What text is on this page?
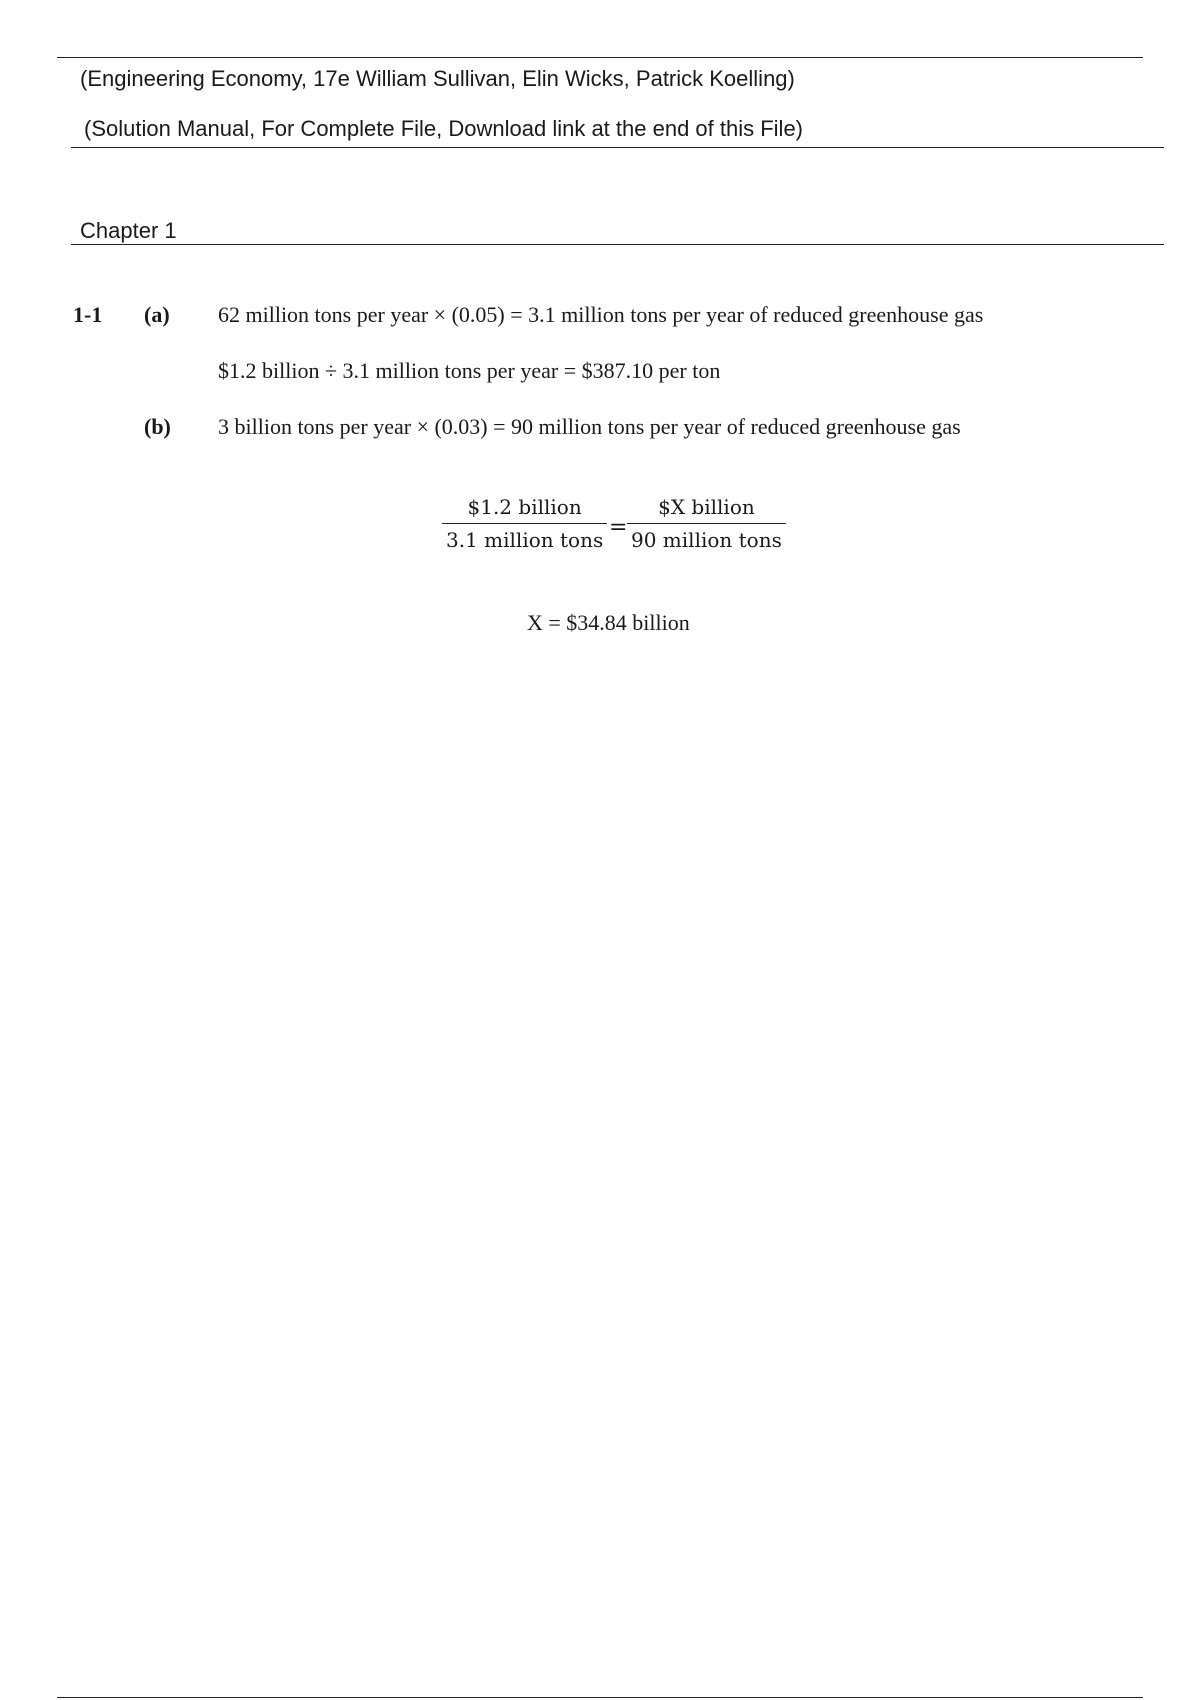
(Engineering Economy, 17e William Sullivan, Elin Wicks, Patrick Koelling)
(Solution Manual, For Complete File, Download link at the end of this File)
Chapter 1
1-1 (a) 62 million tons per year × (0.05) = 3.1 million tons per year of reduced greenhouse gas
$1.2 billion ÷ 3.1 million tons per year = $387.10 per ton
(b) 3 billion tons per year × (0.03) = 90 million tons per year of reduced greenhouse gas
$1.2 billion
3.1 million tons =
$X billion
90 million tons
X = $34.84 billion
